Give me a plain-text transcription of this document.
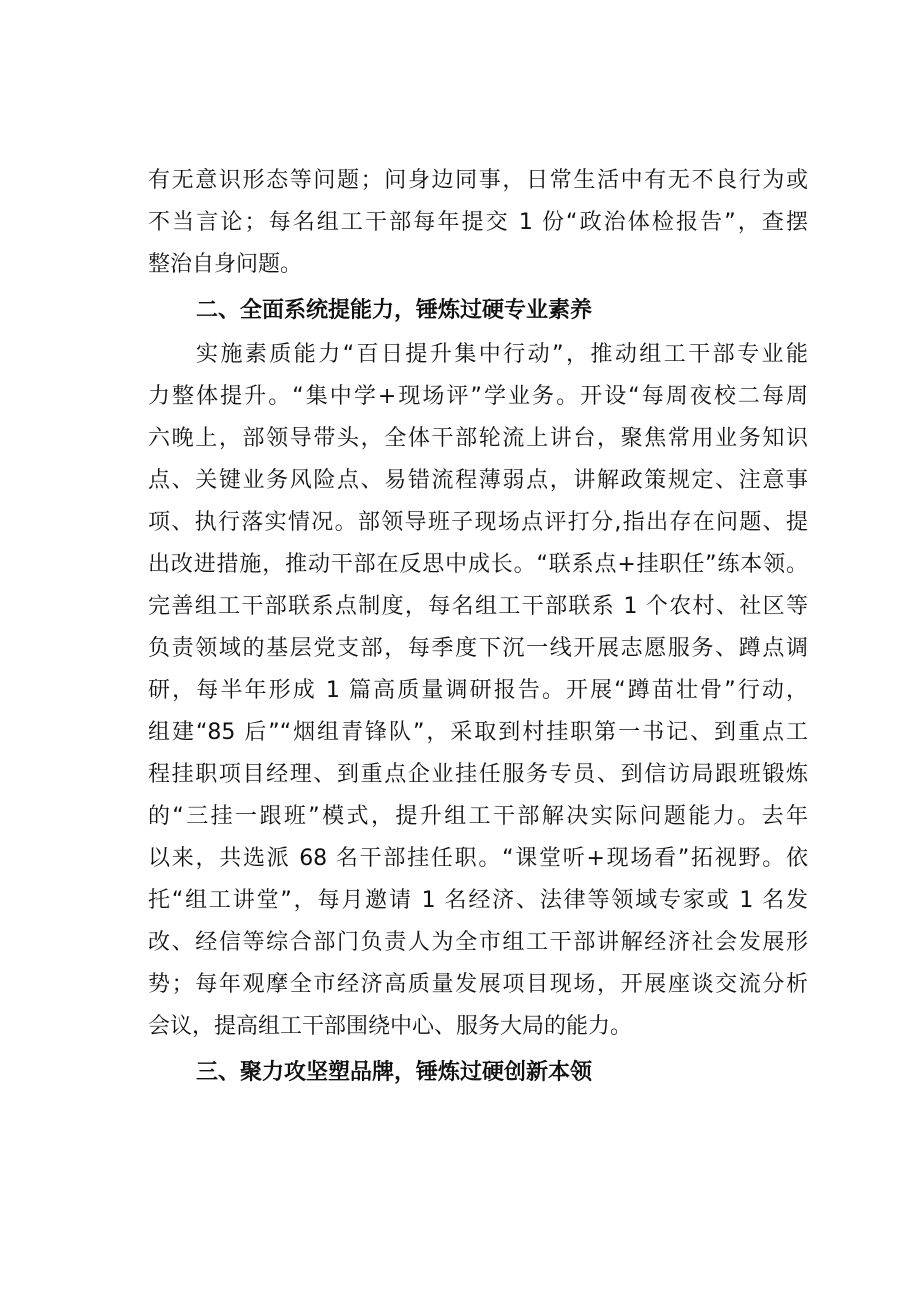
有无意识形态等问题；问身边同事，日常生活中有无不良行为或
不当言论；每名组工干部每年提交 1 份“政治体检报告”，查摆
整治自身问题。
二、全面系统提能力，锤炼过硬专业素养
实施素质能力“百日提升集中行动”，推动组工干部专业能
力整体提升。“集中学+现场评”学业务。开设“每周夜校二每周
六晚上，部领导带头，全体干部轮流上讲台，聚焦常用业务知识
点、关键业务风险点、易错流程薄弱点，讲解政策规定、注意事
项、执行落实情况。部领导班子现场点评打分,指出存在问题、提
出改进措施，推动干部在反思中成长。“联系点+挂职任”练本领。
完善组工干部联系点制度，每名组工干部联系 1 个农村、社区等
负责领域的基层党支部，每季度下沉一线开展志愿服务、蹲点调
研，每半年形成 1 篇高质量调研报告。开展“蹲苗壮骨”行动，
组建“85 后”“烟组青锋队”，采取到村挂职第一书记、到重点工
程挂职项目经理、到重点企业挂任服务专员、到信访局跟班锻炼
的“三挂一跟班”模式，提升组工干部解决实际问题能力。去年
以来，共选派 68 名干部挂任职。“课堂听+现场看”拓视野。依
托“组工讲堂”，每月邀请 1 名经济、法律等领域专家或 1 名发
改、经信等综合部门负责人为全市组工干部讲解经济社会发展形
势；每年观摩全市经济高质量发展项目现场，开展座谈交流分析
会议，提高组工干部围绕中心、服务大局的能力。
三、聚力攻坚塑品牌，锤炼过硬创新本领
